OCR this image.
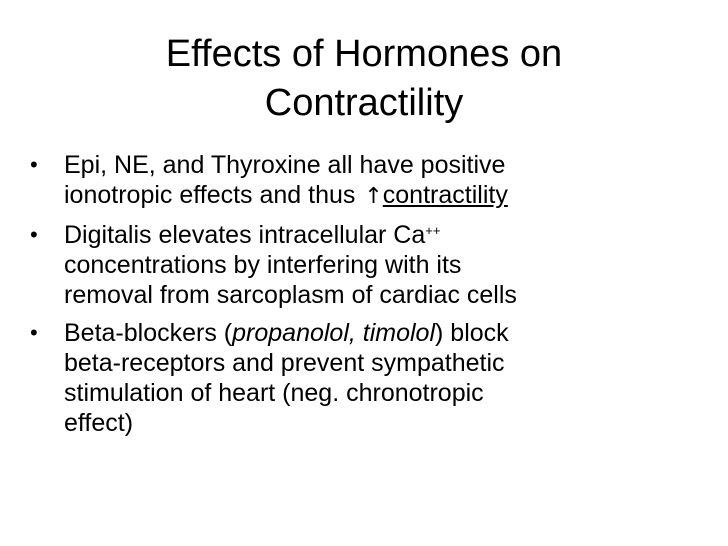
Effects of Hormones on
Contractility
• Epi, NE, and Thyroxine all have positive
ionotropic effects and thus ↑contractility
• Digitalis elevates intracellular Ca++
concentrations by interfering with its
removal from sarcoplasm of cardiac cells
• Beta-blockers (propanolol, timolol) block
beta-receptors and prevent sympathetic
stimulation of heart (neg. chronotropic
effect)
